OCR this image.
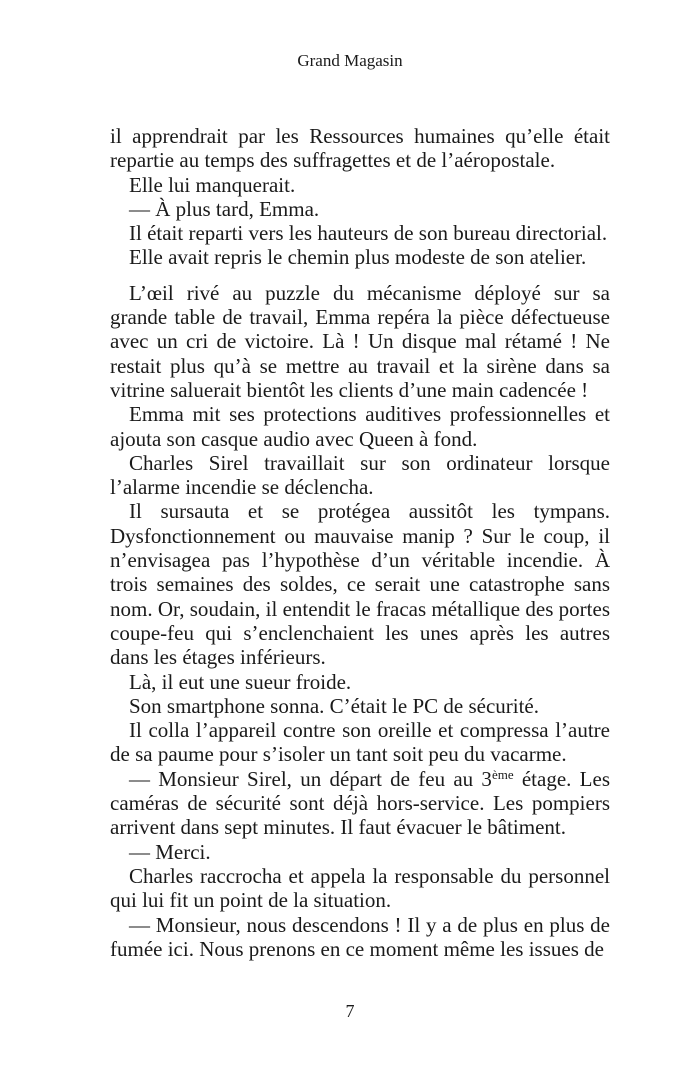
Grand Magasin

il apprendrait par les Ressources humaines qu’elle était repartie au temps des suffragettes et de l’aéropostale.

Elle lui manquerait.

— À plus tard, Emma.

Il était reparti vers les hauteurs de son bureau directorial.

Elle avait repris le chemin plus modeste de son atelier.

L’œil rivé au puzzle du mécanisme déployé sur sa grande table de travail, Emma repéra la pièce défectueuse avec un cri de victoire. Là ! Un disque mal rétamé ! Ne restait plus qu’à se mettre au travail et la sirène dans sa vitrine saluerait bientôt les clients d’une main cadencée !

Emma mit ses protections auditives professionnelles et ajouta son casque audio avec Queen à fond.

Charles Sirel travaillait sur son ordinateur lorsque l’alarme incendie se déclencha.

Il sursauta et se protégea aussitôt les tympans. Dysfonctionnement ou mauvaise manip ? Sur le coup, il n’envisagea pas l’hypothèse d’un véritable incendie. À trois semaines des soldes, ce serait une catastrophe sans nom. Or, soudain, il entendit le fracas métallique des portes coupe-feu qui s’enclenchaient les unes après les autres dans les étages inférieurs.

Là, il eut une sueur froide.

Son smartphone sonna. C’était le PC de sécurité.

Il colla l’appareil contre son oreille et compressa l’autre de sa paume pour s’isoler un tant soit peu du vacarme.

— Monsieur Sirel, un départ de feu au 3ème étage. Les caméras de sécurité sont déjà hors-service. Les pompiers arrivent dans sept minutes. Il faut évacuer le bâtiment.

— Merci.

Charles raccrocha et appela la responsable du personnel qui lui fit un point de la situation.

— Monsieur, nous descendons ! Il y a de plus en plus de fumée ici. Nous prenons en ce moment même les issues de

7
